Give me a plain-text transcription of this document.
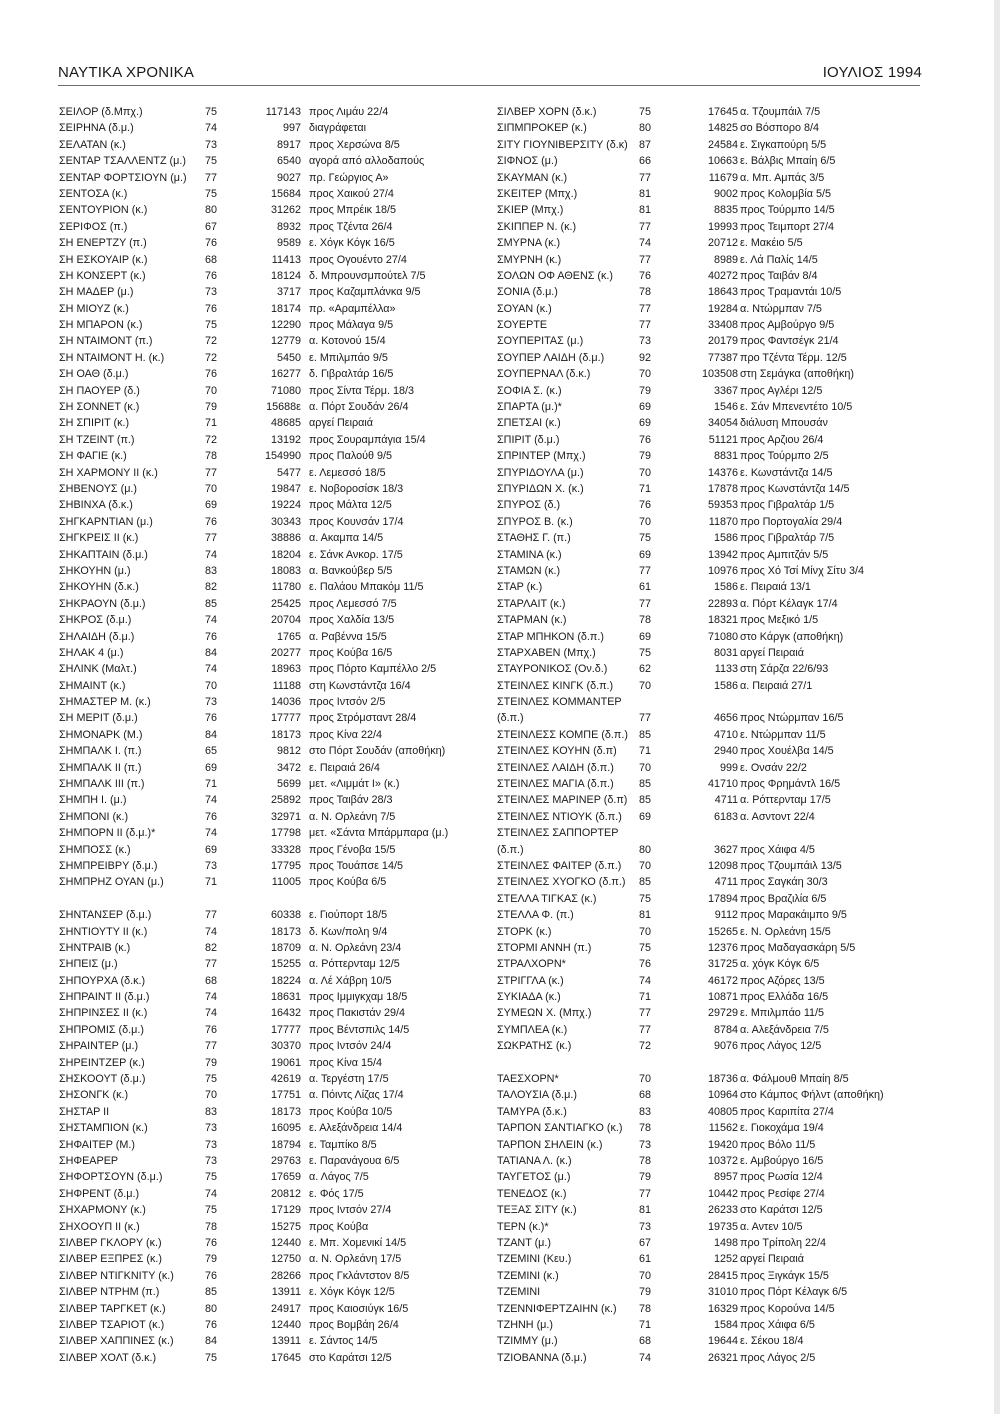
ΝΑΥΤΙΚΑ ΧΡΟΝΙΚΑ	ΙΟΥΛΙΟΣ 1994
ΣΕΙΛΟΡ (δ.Μπχ.)	75	117143 προς Λιμάυ 22/4
ΣΕΙΡΗΝΑ (δ.μ.)	74	997 διαγράφεται
ΣΕΛΑΤΑΝ (κ.)	73	8917 προς Χερσώνα 8/5
ΣΕΝΤΑΡ ΤΣΑΛΛΕΝΤΖ (μ.) 75	6540 αγορά από αλλοδαπούς
ΣΕΝΤΑΡ ΦΟΡΤΣΙΟΥΝ (μ.) 77	9027 πρ. Γεώργιος Α»
ΣΕΝΤΟΣΑ (κ.)	75	15684 προς Χαικού 27/4
ΣΕΝΤΟΥΡΙΟΝ (κ.)	80	31262 προς Μπρέικ 18/5
ΣΕΡΙΦΟΣ (π.)	67	8932 προς Τζέντα 26/4
ΣΗ ΕΝΕΡΤΖΥ (π.)	76	9589 ε. Χόγκ Κόγκ 16/5
ΣΗ ΕΣΚΟΥΑΙΡ (κ.)	68	11413 προς Ογουέντο 27/4
ΣΗ ΚΟΝΣΕΡΤ (κ.)	76	18124 δ. Μπρουνσμπούτελ 7/5
ΣΗ ΜΑΔΕΡ (μ.)	73	3717 προς Καζαμπλάνκα 9/5
ΣΗ ΜΙΟΥΖ (κ.)	76	18174 πρ. «Αραμπέλλα»
ΣΗ ΜΠΑΡΟΝ (κ.)	75	12290 προς Μάλαγα 9/5
ΣΗ ΝΤΑΙΜΟΝΤ (π.)	72	12779 α. Κοτονού 15/4
ΣΗ ΝΤΑΙΜΟΝΤ Η. (κ.)	72	5450 ε. Μπιλμπάο 9/5
ΣΗ ΟΑΘ (δ.μ.)	76	16277 δ. Γιβραλτάρ 16/5
ΣΗ ΠΑΟΥΕΡ (δ.)	70	71080 προς Σίντα Τέρμ. 18/3
ΣΗ ΣΟΝΝΕΤ (κ.)	79	15688ε α. Πόρτ Σουδάν 26/4
ΣΗ ΣΠΙΡΙΤ (κ.)	71	48685 αργεί Πειραιά
ΣΗ ΤΖΕΙΝΤ (π.)	72	13192 προς Σουραμπάγια 15/4
ΣΗ ΦΑΓΙΕ (κ.)	78	154990 προς Παλούθ 9/5
ΣΗ ΧΑΡΜΟΝΥ ΙΙ (κ.)	77	5477 ε. Λεμεσσό 18/5
ΣΗΒΕΝΟΥΣ (μ.)	70	19847 ε. Νοβοροσίσκ 18/3
ΣΗΒΙΝΧΑ (δ.κ.)	69	19224 προς Μάλτα 12/5
ΣΗΓΚΑΡΝΤΙΑΝ (μ.)	76	30343 προς Κουνσάν 17/4
ΣΗΓΚΡΕΙΣ ΙΙ (κ.)	77	38886 α. Ακαμπα 14/5
ΣΗΚΑΠΤΑΙΝ (δ.μ.)	74	18204 ε. Σάνκ Ανκορ. 17/5
ΣΗΚΟΥΗΝ (μ.)	83	18083 α. Βανκούβερ 5/5
ΣΗΚΟΥΗΝ (δ.κ.)	82	11780 ε. Παλάου Μπακόμ 11/5
ΣΗΚΡΑΟΥΝ (δ.μ.)	85	25425 προς Λεμεσσό 7/5
ΣΗΚΡΟΣ (δ.μ.)	74	20704 προς Χαλδία 13/5
ΣΗΛΑΙΔΗ (δ.μ.)	76	1765 α. Ραβέννα 15/5
ΣΗΛΑΚ 4 (μ.)	84	20277 προς Κούβα 16/5
ΣΗΛΙΝΚ (Μαλτ.)	74	18963 προς Πόρτο Καμπέλλο 2/5
ΣΗΜΑΙΝΤ (κ.)	70	11188 στη Κωνστάντζα 16/4
ΣΗΜΑΣΤΕΡ Μ. (κ.)	73	14036 προς Ιντσόν 2/5
ΣΗ ΜΕΡΙΤ (δ.μ.)	76	17777 προς Στρόμσταντ 28/4
ΣΗΜΟΝΑΡΚ (Μ.)	84	18173 προς Κίνα 22/4
ΣΗΜΠΑΛΚ Ι. (π.)	65	9812 στο Πόρτ Σουδάν (αποθήκη)
ΣΗΜΠΑΛΚ ΙΙ (π.)	69	3472 ε. Πειραιά 26/4
ΣΗΜΠΑΛΚ ΙΙΙ (π.)	71	5699 μετ. «Λιμμάτ Ι» (κ.)
ΣΗΜΠΗ Ι. (μ.)	74	25892 προς Ταιβάν 28/3
ΣΗΜΠΟΝΙ (κ.)	76	32971 α. Ν. Ορλεάνη 7/5
ΣΗΜΠΟΡΝ ΙΙ (δ.μ.)*	74	17798 μετ. «Σάντα Μπάρμπαρα (μ.)
ΣΗΜΠΟΣΣ (κ.)	69	33328 προς Γένοβα 15/5
ΣΗΜΠΡΕΙΒΡΥ (δ.μ.)	73	17795 προς Τουάπσε 14/5
ΣΗΜΠΡΗΖ ΟΥΑΝ (μ.)	71	11005 προς Κούβα 6/5
ΣΗΝΤΑΝΣΕΡ (δ.μ.)	77	60338 ε. Γιούπορτ 18/5
ΣΗΝΤΙΟΥΤΥ ΙΙ (κ.)	74	18173 δ. Κων/πολη 9/4
ΣΗΝΤΡΑΙΒ (κ.)	82	18709 α. Ν. Ορλεάνη 23/4
ΣΗΠΕΙΣ (μ.)	77	15255 α. Ρόττερνταμ 12/5
ΣΗΠΟΥΡΧΑ (δ.κ.)	68	18224 α. Λέ Χάβρη 10/5
ΣΗΠΡΑΙΝΤ ΙΙ (δ.μ.)	74	18631 προς Ιμμιγκχαμ 18/5
ΣΗΠΡΙΝΣΕΣ ΙΙ (κ.)	74	16432 προς Πακιστάν 29/4
ΣΗΠΡΟΜΙΣ (δ.μ.)	76	17777 προς Βέντσπιλς 14/5
ΣΗΡΑΙΝΤΕΡ (μ.)	77	30370 προς Ιντσόν 24/4
ΣΗΡΕΙΝΤΖΕΡ (κ.)	79	19061 προς Κίνα 15/4
ΣΗΣΚΟΟΥΤ (δ.μ.)	75	42619 α. Τεργέστη 17/5
ΣΗΣΟΝΓΚ (κ.)	70	17751 α. Πόιντς Λίζας 17/4
ΣΗΣΤΑΡ ΙΙ	83	18173 προς Κούβα 10/5
ΣΗΣΤΑΜΠΙΟΝ (κ.)	73	16095 ε. Αλεξάνδρεια 14/4
ΣΗΦΑΙΤΕΡ (Μ.)	73	18794 ε. Ταμπίκο 8/5
ΣΗΦΕΑΡΕΡ	73	29763 ε. Παρανάγουα 6/5
ΣΗΦΟΡΤΣΟΥΝ (δ.μ.)	75	17659 α. Λάγος 7/5
ΣΗΦΡΕΝΤ (δ.μ.)	74	20812 ε. Φός 17/5
ΣΗΧΑΡΜΟΝΥ (κ.)	75	17129 προς Ιντσόν 27/4
ΣΗΧΟΟΥΠ ΙΙ (κ.)	78	15275 προς Κούβα
ΣΙΛΒΕΡ ΓΚΛΟΡΥ (κ.)	76	12440 ε. Μπ. Χομενικί 14/5
ΣΙΛΒΕΡ ΕΞΠΡΕΣ (κ.)	79	12750 α. Ν. Ορλεάνη 17/5
ΣΙΛΒΕΡ ΝΤΙΓΚΝΙΤΥ (κ.)	76	28266 προς Γκλάντστον 8/5
ΣΙΛΒΕΡ ΝΤΡΗΜ (π.)	85	13911 ε. Χόγκ Κόγκ 12/5
ΣΙΛΒΕΡ ΤΑΡΓΚΕΤ (κ.)	80	24917 προς Καιοσιύγκ 16/5
ΣΙΛΒΕΡ ΤΣΑΡΙΟΤ (κ.)	76	12440 προς Βομβάη 26/4
ΣΙΛΒΕΡ ΧΑΠΠΙΝΕΣ (κ.)	84	13911 ε. Σάντος 14/5
ΣΙΛΒΕΡ ΧΟΛΤ (δ.κ.)	75	17645 στο Καράτσι 12/5
ΣΙΛΒΕΡ ΧΟΡΝ (δ.κ.)	75	17645 α. Τζουμπάιλ 7/5
ΣΙΠΜΠΡΟΚΕΡ (κ.)	80	14825 σο Βόσπορο 8/4
ΣΙΤΥ ΓΙΟΥΝΙΒΕΡΣΙΤΥ (δ.κ) 87	24584 ε. Σιγκαπούρη 5/5
ΣΙΦΝΟΣ (μ.)	66	10663 ε. Βάλβις Μπαίη 6/5
ΣΚΑΥΜΑΝ (κ.)	77	11679 α. Μπ. Αμπάς 3/5
ΣΚΕΙΤΕΡ (Μπχ.)	81	9002 προς Κολομβία 5/5
ΣΚΙΕΡ (Μπχ.)	81	8835 προς Τούρμπο 14/5
ΣΚΙΠΠΕΡ Ν. (κ.)	77	19993 προς Τειμπορτ 27/4
ΣΜΥΡΝΑ (κ.)	74	20712 ε. Μακέιο 5/5
ΣΜΥΡΝΗ (κ.)	77	8989 ε. Λά Παλίς 14/5
ΣΟΛΩΝ ΟΦ ΑΘΕΝΣ (κ.) 76	40272 προς Ταιβάν 8/4
ΣΟΝΙΑ (δ.μ.)	78	18643 προς Τραμαντάι 10/5
ΣΟΥΑΝ (κ.)	77	19284 α. Ντώρμπαν 7/5
ΣΟΥΕΡΤΕ	77	33408 προς Αμβούργο 9/5
ΣΟΥΠΕΡΙΤΑΣ (μ.)	73	20179 προς Φαντσέγκ 21/4
ΣΟΥΠΕΡ ΛΑΙΔΗ (δ.μ.)	92	77387 προ Τζέντα Τέρμ. 12/5
ΣΟΥΠΕΡΝΑΛ (δ.κ.)	70	103508 στη Σεμάγκα (αποθήκη)
ΣΟΦΙΑ Σ. (κ.)	79	3367 προς Αγλέρι 12/5
ΣΠΑΡΤΑ (μ.)*	69	1546 ε. Σάν Μπενεντέτο 10/5
ΣΠΕΤΣΑΙ (κ.)	69	34054 διάλυση Μπουσάν
ΣΠΙΡΙΤ (δ.μ.)	76	51121 προς Αρζιου 26/4
ΣΠΡΙΝΤΕΡ (Μπχ.)	79	8831 προς Τούρμπο 2/5
ΣΠΥΡΙΔΟΥΛΑ (μ.)	70	14376 ε. Κωνστάντζα 14/5
ΣΠΥΡΙΔΩΝ Χ. (κ.)	71	17878 προς Κωνστάντζα 14/5
ΣΠΥΡΟΣ (δ.)	76	59353 προς Γιβραλτάρ 1/5
ΣΠΥΡΟΣ Β. (κ.)	70	11870 προ Πορτογαλία 29/4
ΣΤΑΘΗΣ Γ. (π.)	75	1586 προς Γιβραλτάρ 7/5
ΣΤΑΜΙΝΑ (κ.)	69	13942 προς Αμπιτζάν 5/5
ΣΤΑΜΩΝ (κ.)	77	10976 προς Χό Τσί Μίνχ Σίτυ 3/4
ΣΤΑΡ (κ.)	61	1586 ε. Πειραιά 13/1
ΣΤΑΡΛΑΙΤ (κ.)	77	22893 α. Πόρτ Κέλαγκ 17/4
ΣΤΑΡΜΑΝ (κ.)	78	18321 προς Μεξικό 1/5
ΣΤΑΡ ΜΠΗΚΟΝ (δ.π.)	69	71080 στο Κάργκ (αποθήκη)
ΣΤΑΡΧΑΒΕΝ (Μπχ.)	75	8031 αργεί Πειραιά
ΣΤΑΥΡΟΝΙΚΟΣ (Ον.δ.)	62	1133 στη Σάρζα 22/6/93
ΣΤΕΙΝΛΕΣ ΚΙΝΓΚ (δ.π.) 70	1586 α. Πειραιά 27/1
ΣΤΕΙΝΛΕΣ ΚΟΜΜΑΝΤΕΡ
(δ.π.)	77	4656 προς Ντώρμπαν 16/5
ΣΤΕΙΝΛΕΣΣ ΚΟΜΠΕ (δ.π.) 85	4710 ε. Ντώρμπαν 11/5
ΣΤΕΙΝΛΕΣ ΚΟΥΗΝ (δ.π) 71	2940 προς Χουέλβα 14/5
ΣΤΕΙΝΛΕΣ ΛΑΙΔΗ (δ.π.) 70	999 ε. Ονσάν 22/2
ΣΤΕΙΝΛΕΣ ΜΑΓΙΑ (δ.π.) 85	41710 προς Φρημάντλ 16/5
ΣΤΕΙΝΛΕΣ ΜΑΡΙΝΕΡ (δ.π) 85	4711 α. Ρόττερνταμ 17/5
ΣΤΕΙΝΛΕΣ ΝΤΙΟΥΚ (δ.π.) 69	6183 α. Ασντοντ 22/4
ΣΤΕΙΝΛΕΣ ΣΑΠΠΟΡΤΕΡ
(δ.π.)	80	3627 προς Χάιφα 4/5
ΣΤΕΙΝΛΕΣ ΦΑΙΤΕΡ (δ.π.) 70	12098 προς Τζουμπάιλ 13/5
ΣΤΕΙΝΛΕΣ ΧΥΟΓΚΟ (δ.π.) 85	4711 προς Σαγκάη 30/3
ΣΤΕΛΛΑ ΤΙΓΚΑΣ (κ.)	75	17894 προς Βραζιλία 6/5
ΣΤΕΛΛΑ Φ. (π.)	81	9112 προς Μαρακάιμπο 9/5
ΣΤΟΡΚ (κ.)	70	15265 ε. Ν. Ορλεάνη 15/5
ΣΤΟΡΜΙ ΑΝΝΗ (π.)	75	12376 προς Μαδαγασκάρη 5/5
ΣΤΡΑΛΧΟΡΝ*	76	31725 α. χόγκ Κόγκ 6/5
ΣΤΡΙΓΓΛΑ (κ.)	74	46172 προς Αζόρες 13/5
ΣΥΚΙΑΔΑ (κ.)	71	10871 προς Ελλάδα 16/5
ΣΥΜΕΩΝ Χ. (Μπχ.)	77	29729 ε. Μπιλμπάο 11/5
ΣΥΜΠΛΕΑ (κ.)	77	8784 α. Αλεξάνδρεια 7/5
ΣΩΚΡΑΤΗΣ (κ.)	72	9076 προς Λάγος 12/5
ΤΑΕΣΧΟΡΝ*	70	18736 α. Φάλμουθ Μπαίη 8/5
ΤΑΛΟΥΣΙΑ (δ.μ.)	68	10964 στο Κάμπος Φήλντ (αποθήκη)
ΤΑΜΥΡΑ (δ.κ.)	83	40805 προς Καριπίτα 27/4
ΤΑΡΠΟΝ ΣΑΝΤΙΑΓΚΟ (κ.) 78	11562 ε. Γιοκοχάμα 19/4
ΤΑΡΠΟΝ ΣΗΛΕΙΝ (κ.)	73	19420 προς Βόλο 11/5
ΤΑΤΙΑΝΑ Λ. (κ.)	78	10372 ε. Αμβούργο 16/5
ΤΑΥΓΕΤΟΣ (μ.)	79	8957 προς Ρωσία 12/4
ΤΕΝΕΔΟΣ (κ.)	77	10442 προς Ρεσίφε 27/4
ΤΕΞΑΣ ΣΙΤΥ (κ.)	81	26233 στο Καράτσι 12/5
ΤΕΡΝ (κ.)*	73	19735 α. Αντεν 10/5
ΤΖΑΝΤ (μ.)	67	1498 προ Τρίπολη 22/4
ΤΖΕΜΙΝΙ (Κευ.)	61	1252 αργεί Πειραιά
ΤΖΕΜΙΝΙ (κ.)	70	28415 προς Ξιγκάγκ 15/5
ΤΖΕΜΙΝΙ	79	31010 προς Πόρτ Κέλαγκ 6/5
ΤΖΕΝΝΙΦΕΡΤΖΑΙΗΝ (κ.) 78	16329 προς Κορούνα 14/5
ΤΖΗΝΗ (μ.)	71	1584 προς Χάιφα 6/5
ΤΖΙΜΜΥ (μ.)	68	19644 ε. Σέκου 18/4
ΤΖΙΟΒΑΝΝΑ (δ.μ.)	74	26321 προς Λάγος 2/5
